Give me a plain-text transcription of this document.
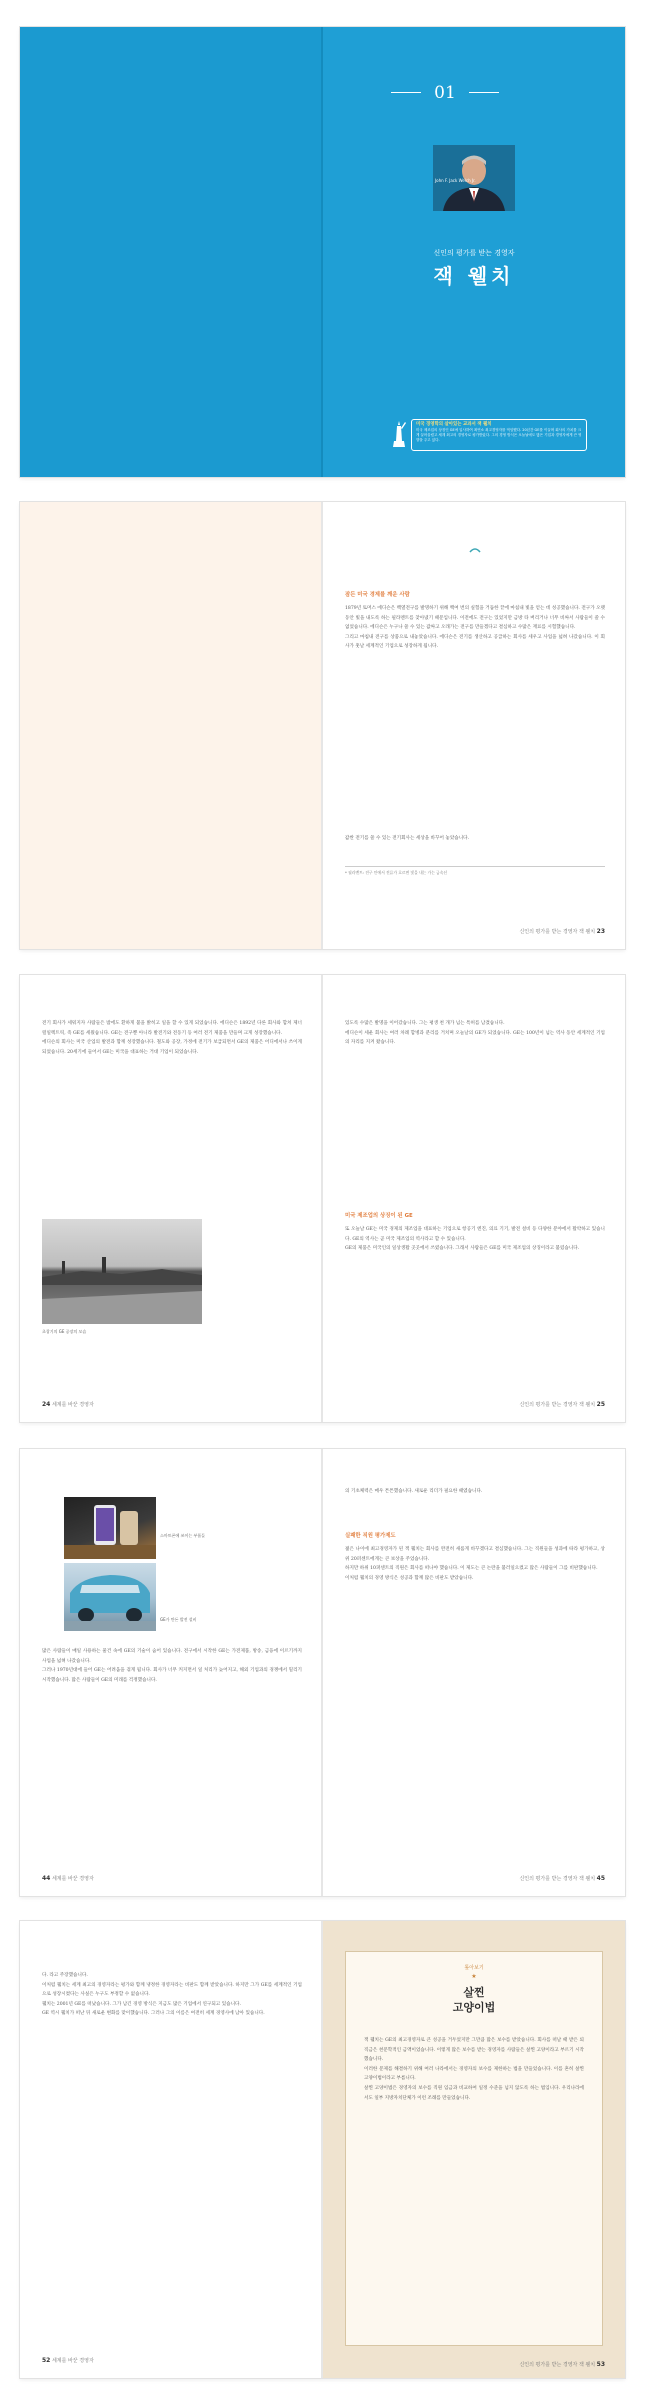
01
John F. Jack Welch Jr.
신인의 평가를 받는 경영자
잭 웰치
미국 경영학의 살아있는 교과서 잭 웰치
미국 제조업의 상징인 GE에 입사하여 최연소 최고경영자를 역임했다. 20년간 GE를 이끌며 회사의 가치를 크게 끌어올렸고 세계 최고의 경영자로 평가받았다. 그의 경영 방식은 오늘날에도 많은 기업과 경영자에게 큰 영향을 주고 있다.
잠든 미국 경제를 깨운 사람

1879년 토머스 에디슨은 백열전구를 발명하기 위해 백여 번의 실험을 거듭한 끝에 마침내 빛을 얻는 데 성공했습니다. 전구가 오랫동안 빛을 내도록 하는 필라멘트를 찾아냈기 때문입니다. 이전에도 전구는 있었지만 금방 타 버리거나 너무 비싸서 사람들이 쓸 수 없었습니다. 에디슨은 누구나 쓸 수 있는 값싸고 오래가는 전구를 만들겠다고 결심하고 수많은 재료를 시험했습니다.

그리고 마침내 전구를 상품으로 내놓았습니다. 에디슨은 전기를 생산하고 공급하는 회사를 세우고 사업을 넓혀 나갔습니다. 이 회사가 훗날 세계적인 기업으로 성장하게 됩니다.

값싼 전기를 쓸 수 있는 전기회사는 세상을 바꾸어 놓았습니다.

* 필라멘트: 전구 안에서 전류가 흐르면 빛을 내는 가는 금속선
신인의 평가를 받는 경영자 잭 웰치 23

전기 회사가 세워지자 사람들은 밤에도 환하게 불을 밝히고 일을 할 수 있게 되었습니다. 에디슨은 1892년 다른 회사와 합쳐 제너럴일렉트릭, 즉 GE를 세웠습니다. GE는 전구뿐 아니라 발전기와 전동기 등 여러 전기 제품을 만들며 크게 성장했습니다.

에디슨의 회사는 미국 산업의 발전과 함께 성장했습니다. 철도와 공장, 가정에 전기가 보급되면서 GE의 제품은 어디에서나 쓰이게 되었습니다. 20세기에 들어서 GE는 미국을 대표하는 거대 기업이 되었습니다.

초창기의 GE 공장의 모습
24 세계를 바꾼 경영자

있도록 수많은 발명을 이어갔습니다. 그는 평생 천 개가 넘는 특허를 남겼습니다.

에디슨이 세운 회사는 여러 차례 합병과 분리를 거치며 오늘날의 GE가 되었습니다. GE는 100년이 넘는 역사 동안 세계적인 기업의 자리를 지켜 왔습니다.

미국 제조업의 상징이 된 GE

또 오늘날 GE는 미국 경제의 제조업을 대표하는 기업으로 항공기 엔진, 의료 기기, 발전 설비 등 다양한 분야에서 활약하고 있습니다. GE의 역사는 곧 미국 제조업의 역사라고 할 수 있습니다.

GE의 제품은 미국인의 일상생활 곳곳에서 쓰였습니다. 그래서 사람들은 GE를 미국 제조업의 상징이라고 불렀습니다.

신인의 평가를 받는 경영자 잭 웰치 25
스마트폰에 쓰이는 부품들
GE가 만든 발전 설비

많은 사람들이 매일 사용하는 물건 속에 GE의 기술이 숨어 있습니다. 전구에서 시작한 GE는 가전제품, 방송, 금융에 이르기까지 사업을 넓혀 나갔습니다.

그러나 1970년대에 들어 GE는 어려움을 겪게 됩니다. 회사가 너무 커지면서 일 처리가 늦어지고, 해외 기업과의 경쟁에서 밀리기 시작했습니다. 많은 사람들이 GE의 미래를 걱정했습니다.

44 세계를 바꾼 경영자

의 기초체력은 매우 튼튼했습니다. 새로운 리더가 필요한 때였습니다.

실패한 직원 평가제도

젊은 나이에 최고경영자가 된 잭 웰치는 회사를 완전히 새롭게 바꾸겠다고 결심했습니다. 그는 직원들을 성과에 따라 평가하고, 상위 20퍼센트에게는 큰 보상을 주었습니다.

하지만 하위 10퍼센트의 직원은 회사를 떠나야 했습니다. 이 제도는 큰 논란을 불러일으켰고 많은 사람들이 그를 비판했습니다.

이처럼 웰치의 경영 방식은 성공과 함께 많은 비판도 받았습니다.

신인의 평가를 받는 경영자 잭 웰치 45

다. 라고 주장했습니다.

이처럼 웰치는 세계 최고의 경영자라는 평가와 함께 냉정한 경영자라는 비판도 함께 받았습니다. 하지만 그가 GE를 세계적인 기업으로 성장시켰다는 사실은 누구도 부정할 수 없습니다.

웰치는 2001년 GE를 떠났습니다. 그가 남긴 경영 방식은 지금도 많은 기업에서 연구되고 있습니다.

GE 역시 웰치가 떠난 뒤 새로운 변화를 맞이했습니다. 그러나 그의 이름은 여전히 세계 경영사에 남아 있습니다.

52 세계를 바꾼 경영자
톺아보기
★
살찐
고양이법

잭 웰치는 GE의 최고경영자로 큰 성공을 거두었지만 그만큼 많은 보수를 받았습니다. 회사를 떠날 때 받은 퇴직금은 천문학적인 금액이었습니다. 이렇게 많은 보수를 받는 경영자를 사람들은 살찐 고양이라고 부르기 시작했습니다.

이러한 문제를 해결하기 위해 여러 나라에서는 경영자의 보수를 제한하는 법을 만들었습니다. 이를 흔히 살찐 고양이법이라고 부릅니다.

살찐 고양이법은 경영자의 보수를 직원 임금과 비교하여 일정 수준을 넘지 않도록 하는 법입니다. 우리나라에서도 일부 지방자치단체가 이런 조례를 만들었습니다.

신인의 평가를 받는 경영자 잭 웰치 53
